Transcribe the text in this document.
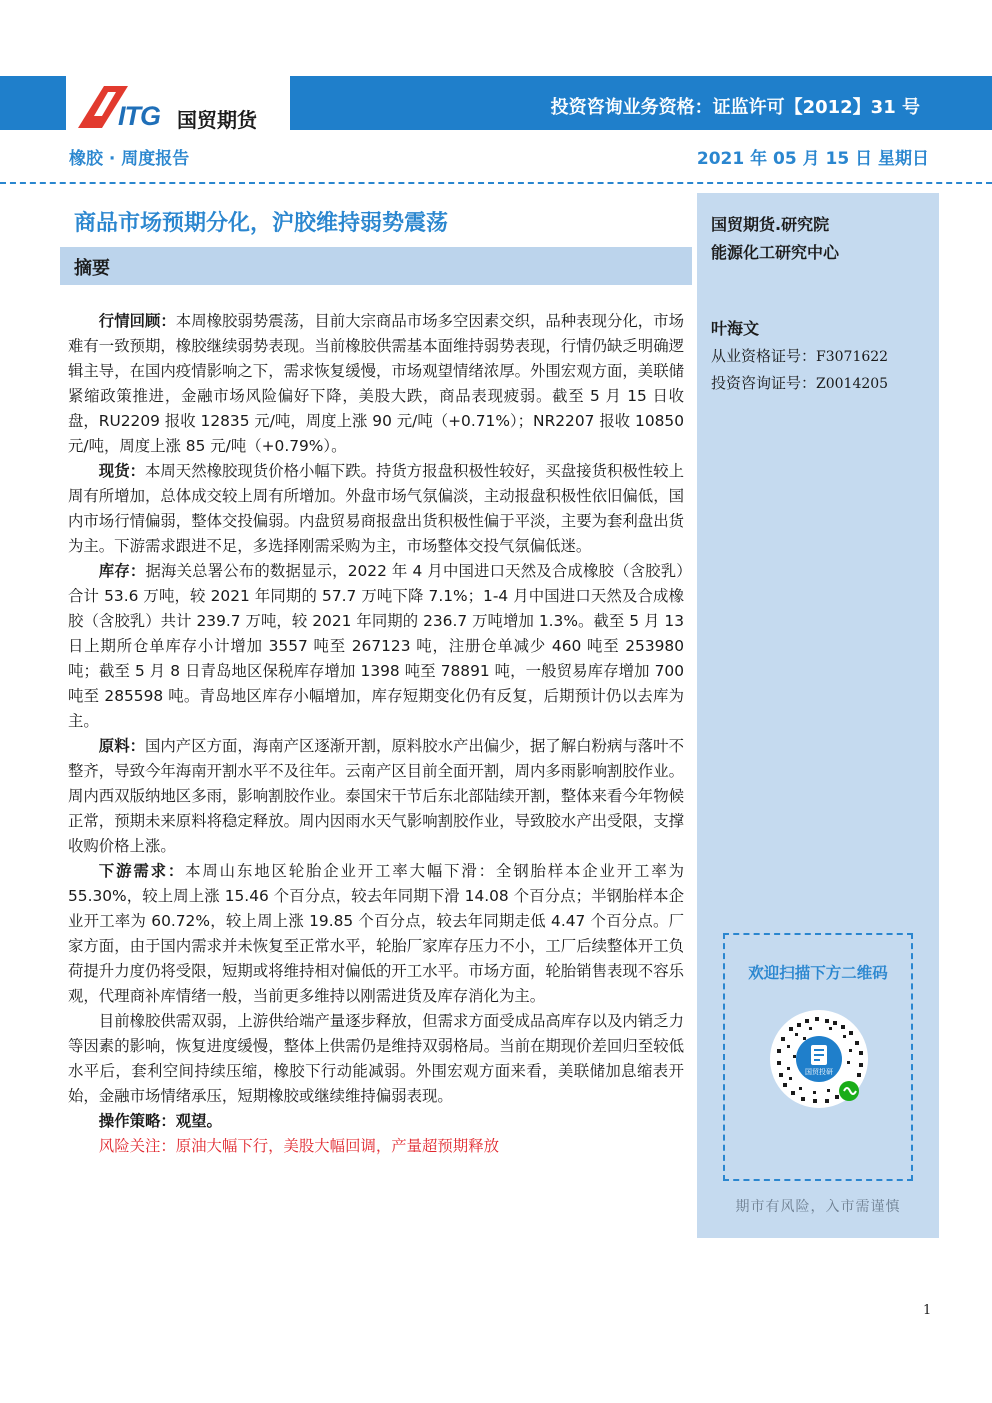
ITG 国贸期货
投资咨询业务资格：证监许可【2012】31 号
橡胶 · 周度报告	2021 年 05 月 15 日 星期日
商品市场预期分化，沪胶维持弱势震荡
摘要

行情回顾：本周橡胶弱势震荡，目前大宗商品市场多空因素交织，品种表现分化，市场难有一致预期，橡胶继续弱势表现。当前橡胶供需基本面维持弱势表现，行情仍缺乏明确逻辑主导，在国内疫情影响之下，需求恢复缓慢，市场观望情绪浓厚。外围宏观方面，美联储紧缩政策推进，金融市场风险偏好下降，美股大跌，商品表现疲弱。截至 5 月 15 日收盘，RU2209 报收 12835 元/吨，周度上涨 90 元/吨（+0.71%）；NR2207 报收 10850 元/吨，周度上涨 85 元/吨（+0.79%）。

现货：本周天然橡胶现货价格小幅下跌。持货方报盘积极性较好，买盘接货积极性较上周有所增加，总体成交较上周有所增加。外盘市场气氛偏淡，主动报盘积极性依旧偏低，国内市场行情偏弱，整体交投偏弱。内盘贸易商报盘出货积极性偏于平淡，主要为套利盘出货为主。下游需求跟进不足，多选择刚需采购为主，市场整体交投气氛偏低迷。

库存：据海关总署公布的数据显示，2022 年 4 月中国进口天然及合成橡胶（含胶乳）合计 53.6 万吨，较 2021 年同期的 57.7 万吨下降 7.1%；1-4 月中国进口天然及合成橡胶（含胶乳）共计 239.7 万吨，较 2021 年同期的 236.7 万吨增加 1.3%。截至 5 月 13 日上期所仓单库存小计增加 3557 吨至 267123 吨，注册仓单减少 460 吨至 253980 吨；截至 5 月 8 日青岛地区保税库存增加 1398 吨至 78891 吨，一般贸易库存增加 700 吨至 285598 吨。青岛地区库存小幅增加，库存短期变化仍有反复，后期预计仍以去库为主。

原料：国内产区方面，海南产区逐渐开割，原料胶水产出偏少，据了解白粉病与落叶不整齐，导致今年海南开割水平不及往年。云南产区目前全面开割，周内多雨影响割胶作业。周内西双版纳地区多雨，影响割胶作业。泰国宋干节后东北部陆续开割，整体来看今年物候正常，预期未来原料将稳定释放。周内因雨水天气影响割胶作业，导致胶水产出受限，支撑收购价格上涨。

下游需求：本周山东地区轮胎企业开工率大幅下滑：全钢胎样本企业开工率为 55.30%，较上周上涨 15.46 个百分点，较去年同期下滑 14.08 个百分点；半钢胎样本企业开工率为 60.72%，较上周上涨 19.85 个百分点，较去年同期走低 4.47 个百分点。厂家方面，由于国内需求并未恢复至正常水平，轮胎厂家库存压力不小，工厂后续整体开工负荷提升力度仍将受限，短期或将维持相对偏低的开工水平。市场方面，轮胎销售表现不容乐观，代理商补库情绪一般，当前更多维持以刚需进货及库存消化为主。

目前橡胶供需双弱，上游供给端产量逐步释放，但需求方面受成品高库存以及内销乏力等因素的影响，恢复进度缓慢，整体上供需仍是维持双弱格局。当前在期现价差回归至较低水平后，套利空间持续压缩，橡胶下行动能减弱。外围宏观方面来看，美联储加息缩表开始，金融市场情绪承压，短期橡胶或继续维持偏弱表现。

操作策略：观望。

风险关注：原油大幅下行，美股大幅回调，产量超预期释放

国贸期货.研究院
能源化工研究中心
叶海文
从业资格证号：F3071622
投资咨询证号：Z0014205
欢迎扫描下方二维码
国贸投研
期市有风险，入市需谨慎
1
